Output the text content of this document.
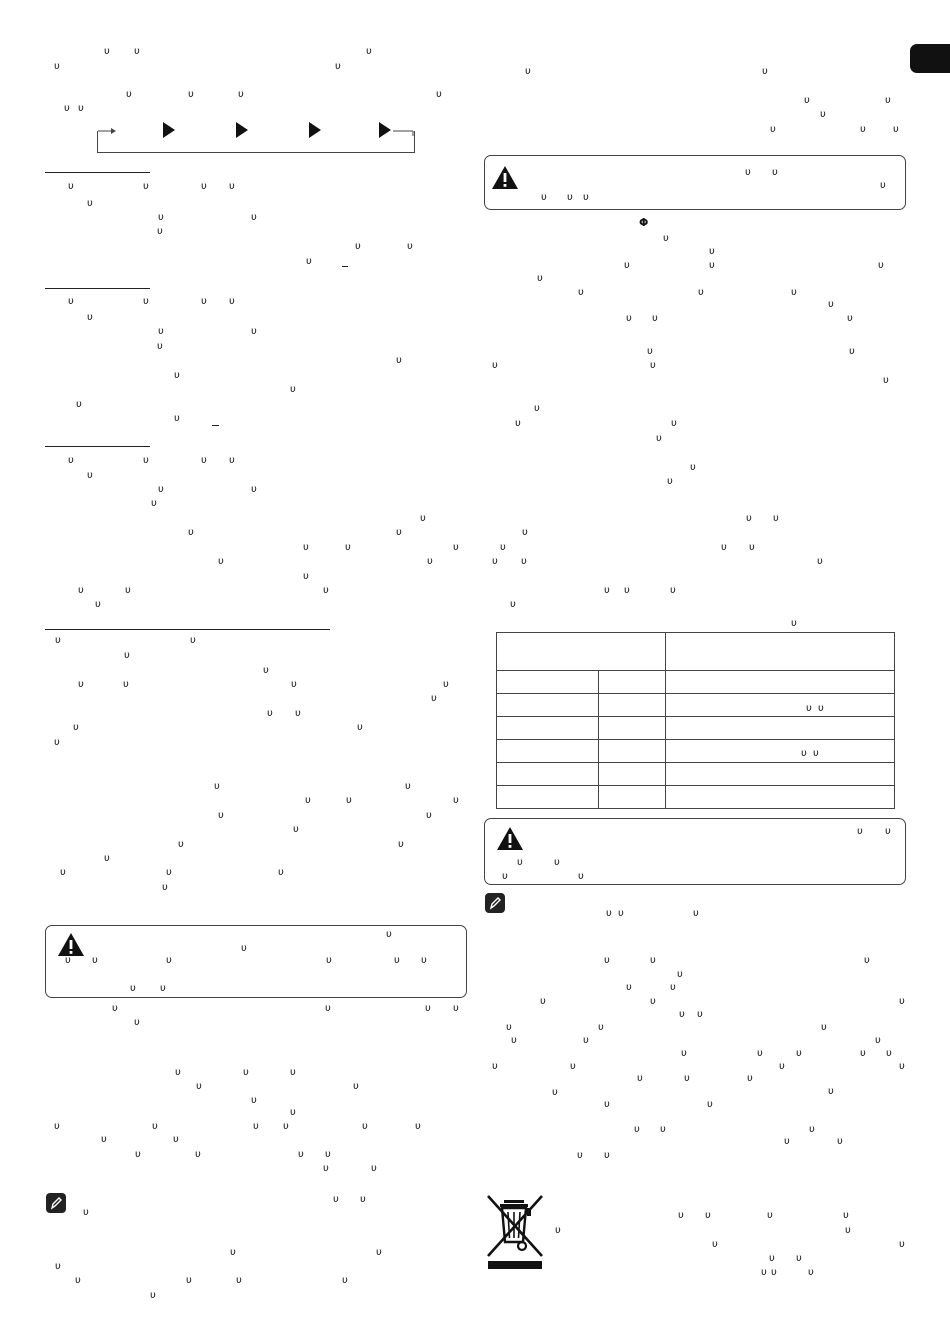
υ υ	υ
υ	υ
υ	υ	υ	υ
υ υ
υ	υ	υ υ
υ
υ	υ
υ
υ	υ
υ
υ	υ	υ υ
υ
υ	υ
υ
υ
υ
υ
υ
υ
υ	υ	υ υ
υ
υ	υ
υ
υ
υ	υ
υ	υ	υ
υ	υ
υ
υ	υ	υ
υ
υ	υ
υ
υ
υ	υ	υ	υ
υ
υ υ
υ	υ
υ
υ	υ
υ	υ	υ
υ	υ
υ
υ	υ
υ
υ	υ	υ
υ
υ
υ
υ υ	υ	υ	υ υ
υ υ
υ	υ	υ υ
υ
υ	υ	υ
υ	υ
υ
υ
υ	υ	υ υ	υ	υ
υ	υ
υ	υ	υ υ
υ	υ
υ υ
υ
υ	υ
υ
υ	υ	υ	υ
υ
υ	υ
υ	υ
υ
υ	υ	υ
υ υ
υ
υ υ υ
υ
υ
υ	υ	υ
υ
υ	υ	υ
υ
υ υ	υ
υ	υ
υ	υ
υ
υ
υ	υ
υ
υ
υ
υ υ
υ
υ	υ υ
υ υ	υ
υ υ	υ
υ
υ
υ υ
υ υ
υ υ
υ	υ
υ	υ
υ υ	υ
υ	υ	υ
υ
υ	υ
υ	υ	υ
υ υ
υ	υ	υ
υ	υ	υ
υ	υ	υ	υ υ
υ	υ	υ	υ
υ	υ	υ
υ
υ
υ	υ
υ υ	υ
υ	υ
υ υ
υ υ	υ	υ
υ	υ
υ	υ
υ υ
υ υ	υ
Φ
